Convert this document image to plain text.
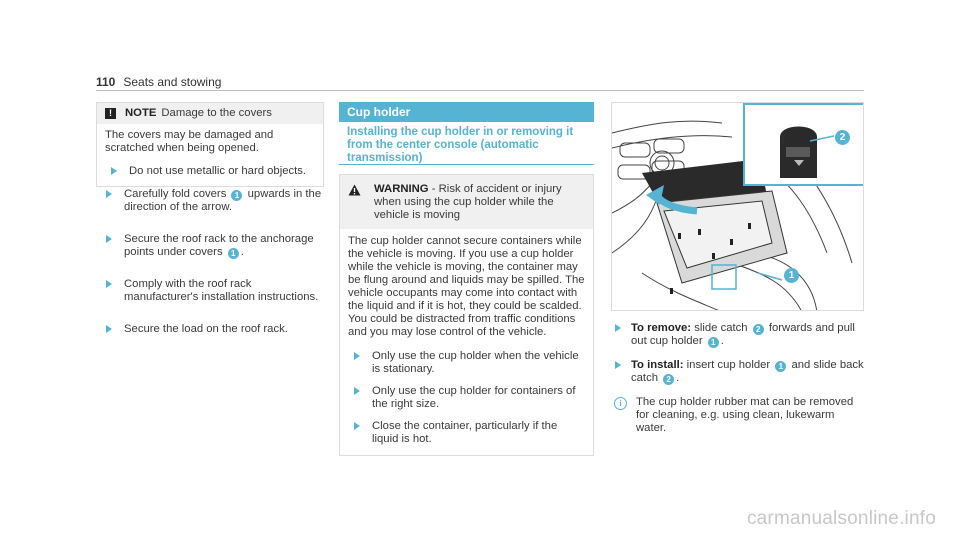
110 Seats and stowing
!	NOTE Damage to the covers
The covers may be damaged and scratched when being opened.
Do not use metallic or hard objects.
Carefully fold covers 1 upwards in the direction of the arrow.
Secure the roof rack to the anchorage points under covers 1 .
Comply with the roof rack manufacturer's installation instructions.
Secure the load on the roof rack.
Cup holder
Installing the cup holder in or removing it from the center console (automatic transmission)
WARNING - Risk of accident or injury when using the cup holder while the vehicle is moving
The cup holder cannot secure containers while the vehicle is moving. If you use a cup holder while the vehicle is moving, the container may be flung around and liquids may be spilled. The vehicle occupants may come into contact with the liquid and if it is hot, they could be scalded. You could be distracted from traffic conditions and you may lose control of the vehicle.
Only use the cup holder when the vehicle is stationary.
Only use the cup holder for containers of the right size.
Close the container, particularly if the liquid is hot.
1
2
To remove: slide catch 2 forwards and pull out cup holder 1 .
To install: insert cup holder 1 and slide back catch 2 .
i	The cup holder rubber mat can be removed for cleaning, e.g. using clean, lukewarm water.
carmanualsonline.info
